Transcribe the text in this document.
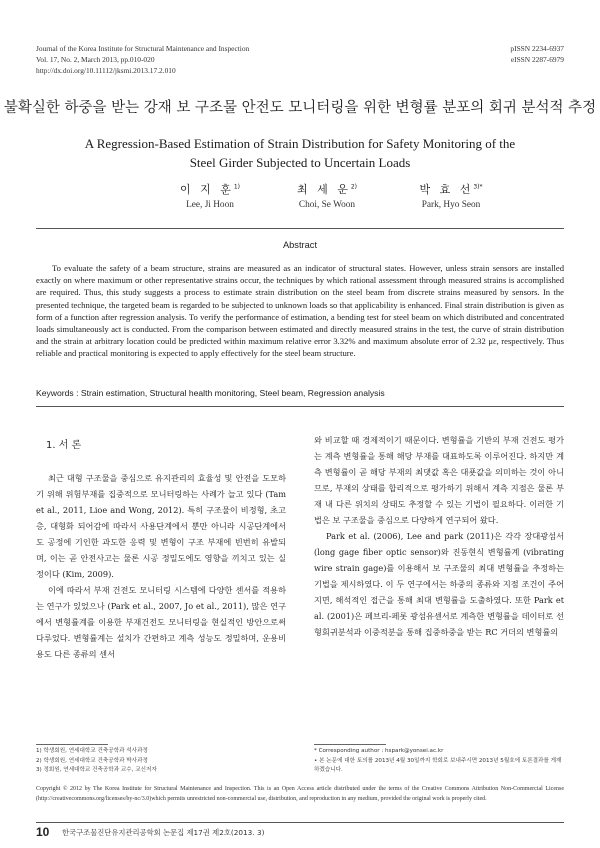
Journal of the Korea Institute for Structural Maintenance and Inspection
Vol. 17, No. 2, March 2013, pp.010-020
http://dx.doi.org/10.11112/jksmi.2013.17.2.010
pISSN 2234-6937
eISSN 2287-6979
불확실한 하중을 받는 강재 보 구조물 안전도 모니터링을 위한 변형률 분포의 회귀 분석적 추정
A Regression-Based Estimation of Strain Distribution for Safety Monitoring of the
Steel Girder Subjected to Uncertain Loads
이 지 훈$^{1)}$
Lee, Ji Hoon
최 세 운$^{2)}$
Choi, Se Woon
박 효 선$^{3)*}$
Park, Hyo Seon
Abstract

To evaluate the safety of a beam structure, strains are measured as an indicator of structural states. However, unless strain sensors are installed exactly on where maximum or other representative strains occur, the techniques by which rational assessment through measured strains is accomplished are required. Thus, this study suggests a process to estimate strain distribution on the steel beam from discrete strains measured by sensors. In the presented technique, the targeted beam is regarded to be subjected to unknown loads so that applicability is enhanced. Final strain distribution is given as form of a function after regression analysis. To verify the performance of estimation, a bending test for steel beam on which distributed and concentrated loads simultaneously act is conducted. From the comparison between estimated and directly measured strains in the test, the curve of strain distribution and the strain at arbitrary location could be predicted within maximum relative error 3.32% and maximum absolute error of 2.32 με, respectively. Thus reliable and practical monitoring is expected to apply effectively for the steel beam structure.

Keywords : Strain estimation, Structural health monitoring, Steel beam, Regression analysis
1. 서 론

최근 대형 구조물을 중심으로 유지관리의 효율성 및 안전을 도모하기 위해 위험부재를 집중적으로 모니터링하는 사례가 늘고 있다 (Tam et al., 2011, Lioe and Wong, 2012). 특히 구조물이 비정형, 초고층, 대형화 되어감에 따라서 사용단계에서 뿐만 아니라 시공단계에서도 공정에 기인한 과도한 응력 및 변형이 구조 부재에 빈번히 유발되며, 이는 곧 안전사고는 물론 시공 정밀도에도 영향을 끼치고 있는 실정이다 (Kim, 2009).

이에 따라서 부재 건전도 모니터링 시스템에 다양한 센서를 적용하는 연구가 있었으나 (Park et al., 2007, Jo et al., 2011), 많은 연구에서 변형률계를 이용한 부재건전도 모니터링을 현실적인 방안으로써 다루었다. 변형률계는 설치가 간편하고 계측 성능도 정밀하며, 운용비용도 다른 종류의 센서

와 비교할 때 경제적이기 때문이다. 변형률을 기반의 부재 건전도 평가는 계측 변형률을 통해 해당 부재를 대표하도록 이루어진다. 하지만 계측 변형률이 곧 해당 부재의 최댓값 혹은 대푯값을 의미하는 것이 아니므로, 부재의 상태를 합리적으로 평가하기 위해서 계측 지점은 물론 부재 내 다른 위치의 상태도 추정할 수 있는 기법이 필요하다. 이러한 기법은 보 구조물을 중심으로 다양하게 연구되어 왔다.

Park et al. (2006), Lee and park (2011)은 각각 장대광섬서 (long gage fiber optic sensor)와 진동현식 변형률계 (vibrating wire strain gage)를 이용해서 보 구조물의 최대 변형률을 추정하는 기법을 제시하였다. 이 두 연구에서는 하중의 종류와 지점 조건이 주어지면, 해석적인 접근을 통해 최대 변형률을 도출하였다. 또한 Park et al. (2001)은 페브리-페롯 광섬유센서로 계측한 변형률을 데이터로 선형회귀분석과 이중적분을 통해 집중하중을 받는 RC 거더의 변형률의

1) 학생회원, 연세대학교 건축공학과 석사과정
2) 학생회원, 연세대학교 건축공학과 박사과정
3) 정회원, 연세대학교 건축공학과 교수, 교신저자
* Corresponding author : hspark@yonsei.ac.kr
• 본 논문에 대한 토의를 2013년 4월 30일까지 학회로 보내주시면 2013년 5월호에 토론결과를 게재하겠습니다.
Copyright © 2012 by The Korea Institute for Structural Maintenance and Inspection. This is an Open Access article distributed under the terms of the Creative Commons Attribution Non-Commercial License (http://creativecommons.org/licenses/by-nc/3.0)which permits unrestricted non-commercial use, distribution, and reproduction in any medium, provided the original work is properly cited.
10 한국구조물진단유지관리공학회 논문집 제17권 제2호(2013. 3)
